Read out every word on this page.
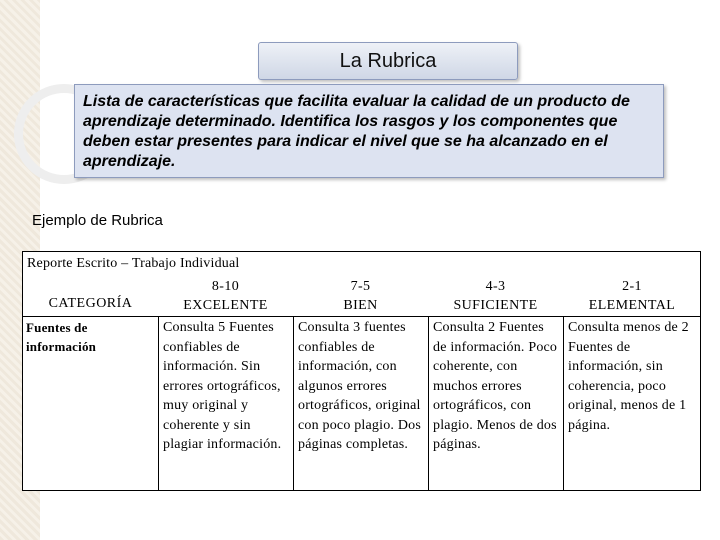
La Rubrica
Lista de características que facilita evaluar la calidad de un producto de aprendizaje determinado. Identifica los rasgos y los componentes que deben estar presentes para indicar el nivel que se ha alcanzado en el aprendizaje.
Ejemplo de Rubrica
Reporte Escrito – Trabajo Individual
CATEGORÍA
8-10
EXCELENTE
7-5
BIEN
4-3
SUFICIENTE
2-1
ELEMENTAL
Fuentes de información
Consulta 5 Fuentes confiables de información. Sin errores ortográficos, muy original y coherente y sin plagiar información.
Consulta 3 fuentes confiables de información, con algunos errores ortográficos, original con poco plagio. Dos páginas completas.
Consulta 2 Fuentes de información. Poco coherente, con muchos errores ortográficos, con plagio. Menos de dos páginas.
Consulta menos de 2 Fuentes de información, sin coherencia, poco original, menos de 1 página.
